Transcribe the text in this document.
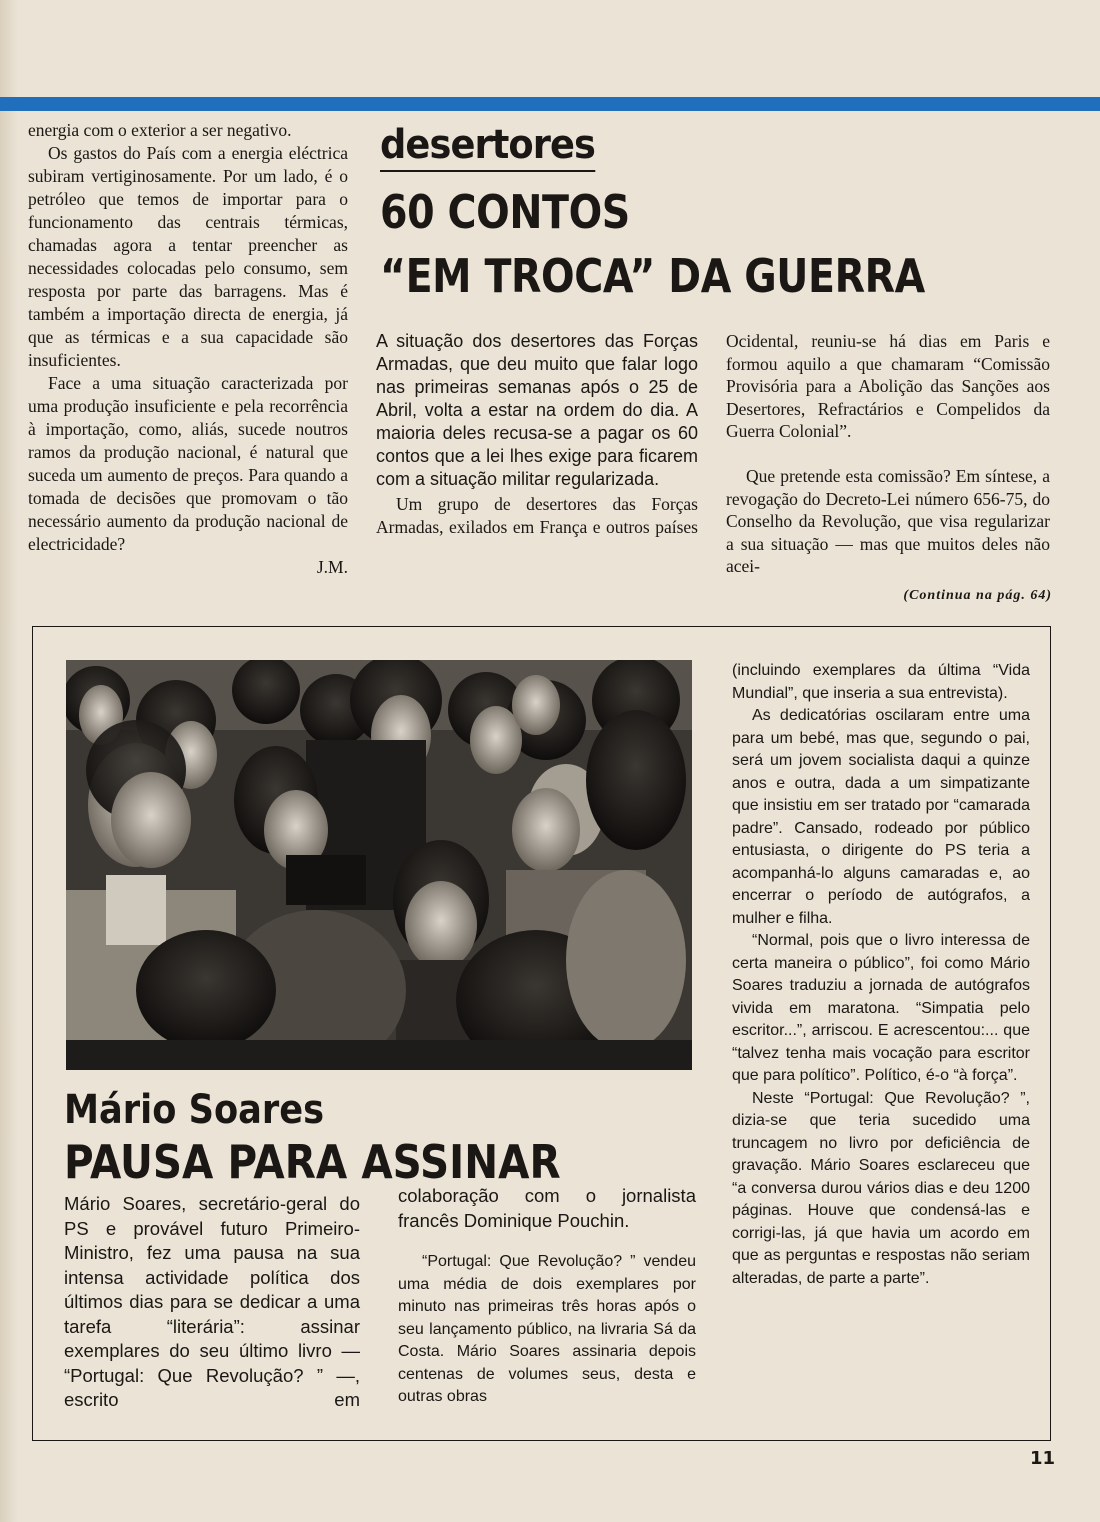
energia com o exterior a ser negativo.

Os gastos do País com a energia eléctrica subiram vertiginosamente. Por um lado, é o petróleo que temos de importar para o funcionamento das centrais térmicas, chamadas agora a tentar preencher as necessidades colocadas pelo consumo, sem resposta por parte das barragens. Mas é também a importação directa de energia, já que as térmicas e a sua capacidade são insuficientes.

Face a uma situação caracterizada por uma produção insuficiente e pela recorrência à importação, como, aliás, sucede noutros ramos da produção nacional, é natural que suceda um aumento de preços. Para quando a tomada de decisões que promovam o tão necessário aumento da produção nacional de electricidade?

J.M.
desertores
60 CONTOS
“EM TROCA” DA GUERRA

A situação dos desertores das Forças Armadas, que deu muito que falar logo nas primeiras semanas após o 25 de Abril, volta a estar na ordem do dia. A maioria deles recusa-se a pagar os 60 contos que a lei lhes exige para ficarem com a situação militar regularizada.

Um grupo de desertores das Forças Armadas, exilados em França e outros países

Ocidental, reuniu-se há dias em Paris e formou aquilo a que chamaram “Comissão Provisória para a Abolição das Sanções aos Desertores, Refractários e Compelidos da Guerra Colonial”.

Que pretende esta comissão? Em síntese, a revogação do Decreto-Lei número 656-75, do Conselho da Revolução, que visa regularizar a sua situação — mas que muitos deles não acei-

(Continua na pág. 64)
Mário Soares
PAUSA PARA ASSINAR

Mário Soares, secretário-geral do PS e provável futuro Primeiro-Ministro, fez uma pausa na sua intensa actividade política dos últimos dias para se dedicar a uma tarefa “literária”: assinar exemplares do seu último livro — “Portugal: Que Revolução? ” —, escrito em

colaboração com o jornalista francês Dominique Pouchin.

“Portugal: Que Revolução? ” vendeu uma média de dois exemplares por minuto nas primeiras três horas após o seu lançamento público, na livraria Sá da Costa. Mário Soares assinaria depois centenas de volumes seus, desta e outras obras

(incluindo exemplares da última “Vida Mundial”, que inseria a sua entrevista).

As dedicatórias oscilaram entre uma para um bebé, mas que, segundo o pai, será um jovem socialista daqui a quinze anos e outra, dada a um simpatizante que insistiu em ser tratado por “camarada padre”. Cansado, rodeado por público entusiasta, o dirigente do PS teria a acompanhá-lo alguns camaradas e, ao encerrar o período de autógrafos, a mulher e filha.

“Normal, pois que o livro interessa de certa maneira o público”, foi como Mário Soares traduziu a jornada de autógrafos vivida em maratona. “Simpatia pelo escritor...”, arriscou. E acrescentou:... que “talvez tenha mais vocação para escritor que para político”. Político, é-o “à força”.

Neste “Portugal: Que Revolução? ”, dizia-se que teria sucedido uma truncagem no livro por deficiência de gravação. Mário Soares esclareceu que “a conversa durou vários dias e deu 1200 páginas. Houve que condensá-las e corrigi-las, já que havia um acordo em que as perguntas e respostas não seriam alteradas, de parte a parte”.

11
